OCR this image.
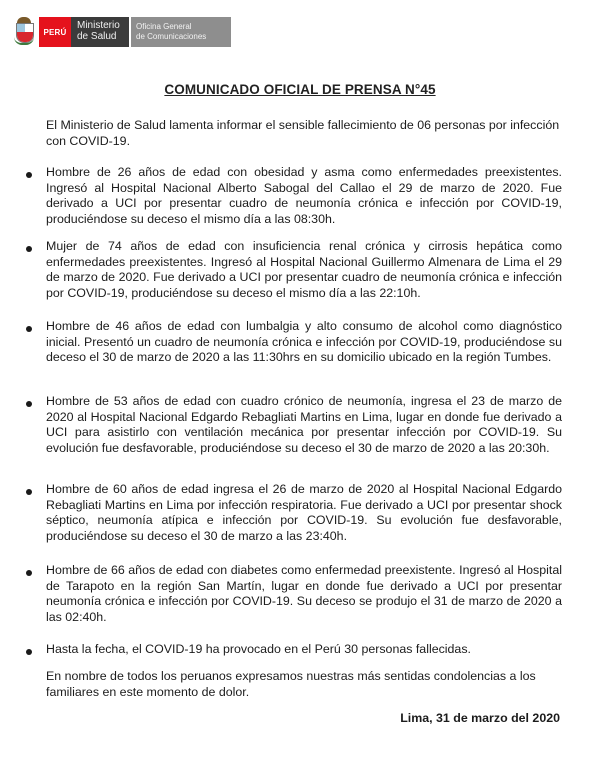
PERÚ
Ministerio
de Salud
Oficina General
de Comunicaciones
COMUNICADO OFICIAL DE PRENSA N°45
El Ministerio de Salud lamenta informar el sensible fallecimiento de 06 personas por infección con COVID-19.
Hombre de 26 años de edad con obesidad y asma como enfermedades preexistentes. Ingresó al Hospital Nacional Alberto Sabogal del Callao el 29 de marzo de 2020. Fue derivado a UCI por presentar cuadro de neumonía crónica e infección por COVID-19, produciéndose su deceso el mismo día a las 08:30h.
Mujer de 74 años de edad con insuficiencia renal crónica y cirrosis hepática como enfermedades preexistentes. Ingresó al Hospital Nacional Guillermo Almenara de Lima el 29 de marzo de 2020. Fue derivado a UCI por presentar cuadro de neumonía crónica e infección por COVID-19, produciéndose su deceso el mismo día a las 22:10h.
Hombre de 46 años de edad con lumbalgia y alto consumo de alcohol como diagnóstico inicial. Presentó un cuadro de neumonía crónica e infección por COVID-19, produciéndose su deceso el 30 de marzo de 2020 a las 11:30hrs en su domicilio ubicado en la región Tumbes.
Hombre de 53 años de edad con cuadro crónico de neumonía, ingresa el 23 de marzo de 2020 al Hospital Nacional Edgardo Rebagliati Martins en Lima, lugar en donde fue derivado a UCI para asistirlo con ventilación mecánica por presentar infección por COVID-19. Su evolución fue desfavorable, produciéndose su deceso el 30 de marzo de 2020 a las 20:30h.
Hombre de 60 años de edad ingresa el 26 de marzo de 2020 al Hospital Nacional Edgardo Rebagliati Martins en Lima por infección respiratoria. Fue derivado a UCI por presentar shock séptico, neumonía atípica e infección por COVID-19. Su evolución fue desfavorable, produciéndose su deceso el 30 de marzo a las 23:40h.
Hombre de 66 años de edad con diabetes como enfermedad preexistente. Ingresó al Hospital de Tarapoto en la región San Martín, lugar en donde fue derivado a UCI por presentar neumonía crónica e infección por COVID-19. Su deceso se produjo el 31 de marzo de 2020 a las 02:40h.
Hasta la fecha, el COVID-19 ha provocado en el Perú 30 personas fallecidas.
En nombre de todos los peruanos expresamos nuestras más sentidas condolencias a los familiares en este momento de dolor.
Lima, 31 de marzo del 2020
